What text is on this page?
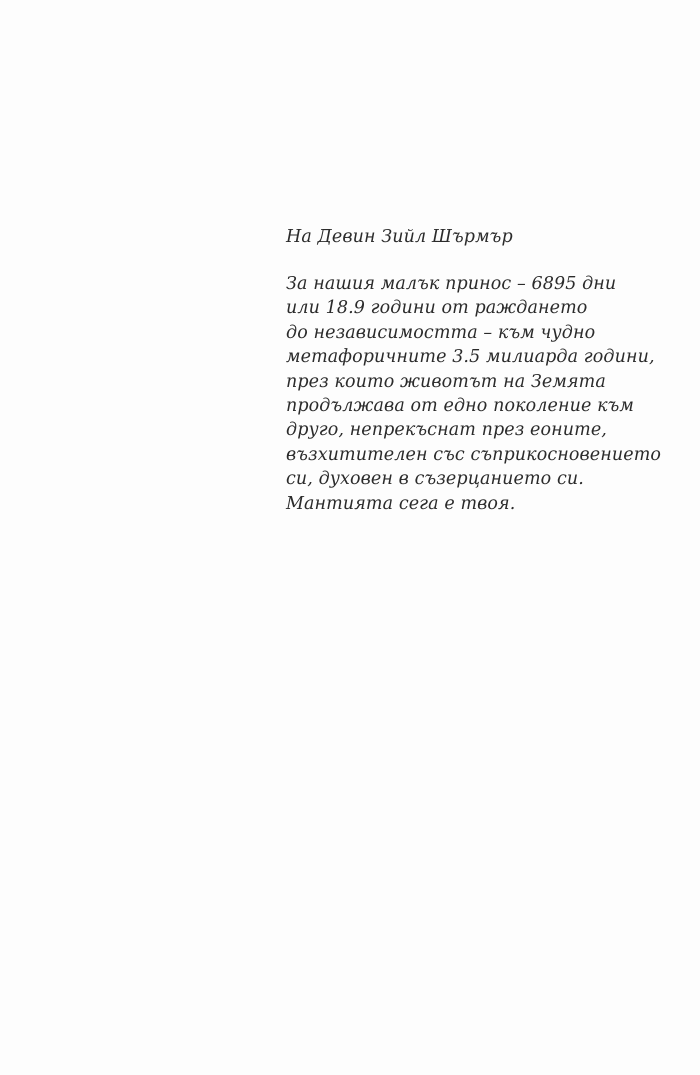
На Девин Зийл Шърмър

За нашия малък принос – 6895 дни
или 18.9 години от раждането
до независимостта – към чудно
метафоричните 3.5 милиарда години,
през които животът на Земята
продължава от едно поколение към
друго, непрекъснат през еоните,
възхитителен със съприкосновението
си, духовен в съзерцанието си.
Мантията сега е твоя.
